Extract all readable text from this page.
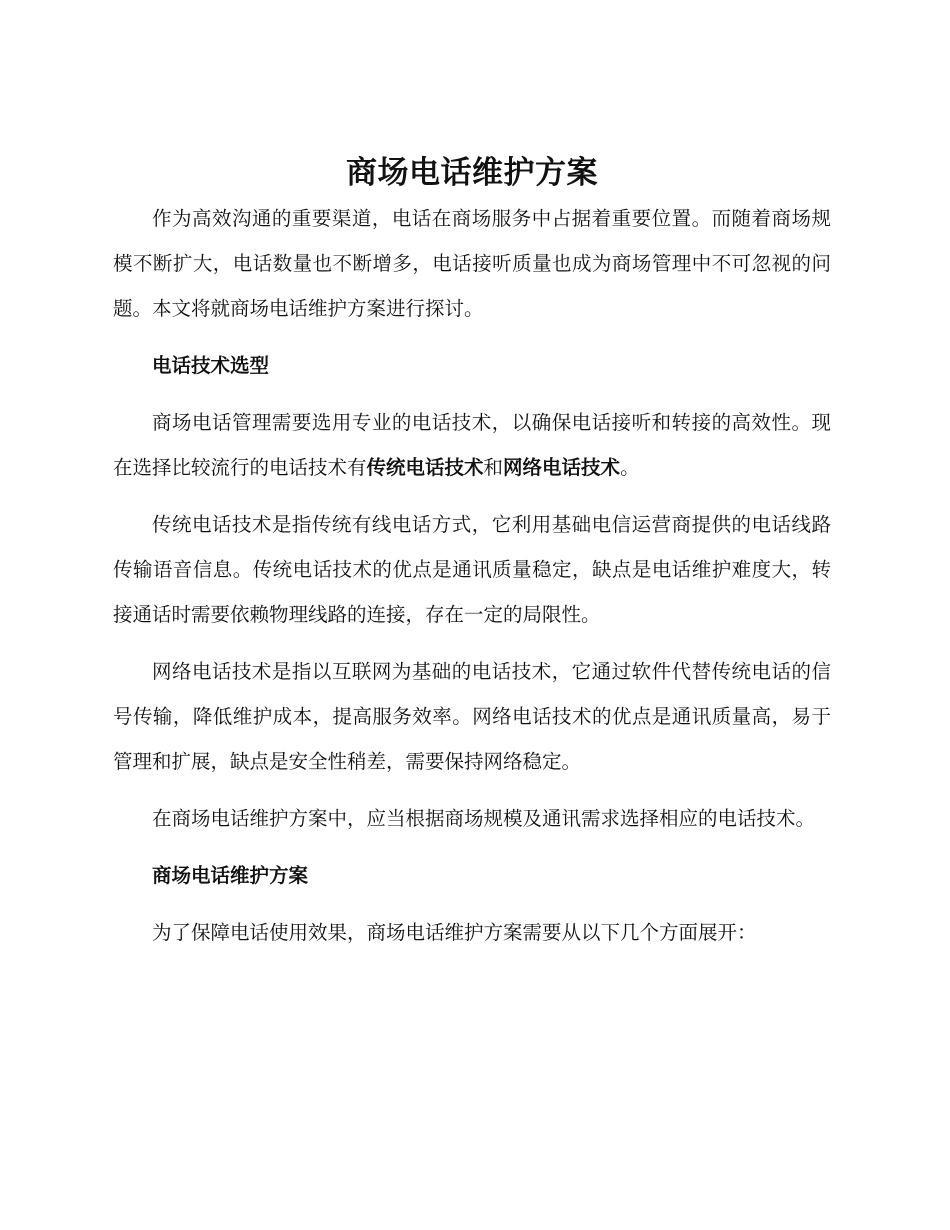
商场电话维护方案

作为高效沟通的重要渠道，电话在商场服务中占据着重要位置。而随着商场规模不断扩大，电话数量也不断增多，电话接听质量也成为商场管理中不可忽视的问题。本文将就商场电话维护方案进行探讨。

电话技术选型

商场电话管理需要选用专业的电话技术，以确保电话接听和转接的高效性。现在选择比较流行的电话技术有传统电话技术和网络电话技术。

传统电话技术是指传统有线电话方式，它利用基础电信运营商提供的电话线路传输语音信息。传统电话技术的优点是通讯质量稳定，缺点是电话维护难度大，转接通话时需要依赖物理线路的连接，存在一定的局限性。

网络电话技术是指以互联网为基础的电话技术，它通过软件代替传统电话的信号传输，降低维护成本，提高服务效率。网络电话技术的优点是通讯质量高，易于管理和扩展，缺点是安全性稍差，需要保持网络稳定。

在商场电话维护方案中，应当根据商场规模及通讯需求选择相应的电话技术。

商场电话维护方案

为了保障电话使用效果，商场电话维护方案需要从以下几个方面展开：
